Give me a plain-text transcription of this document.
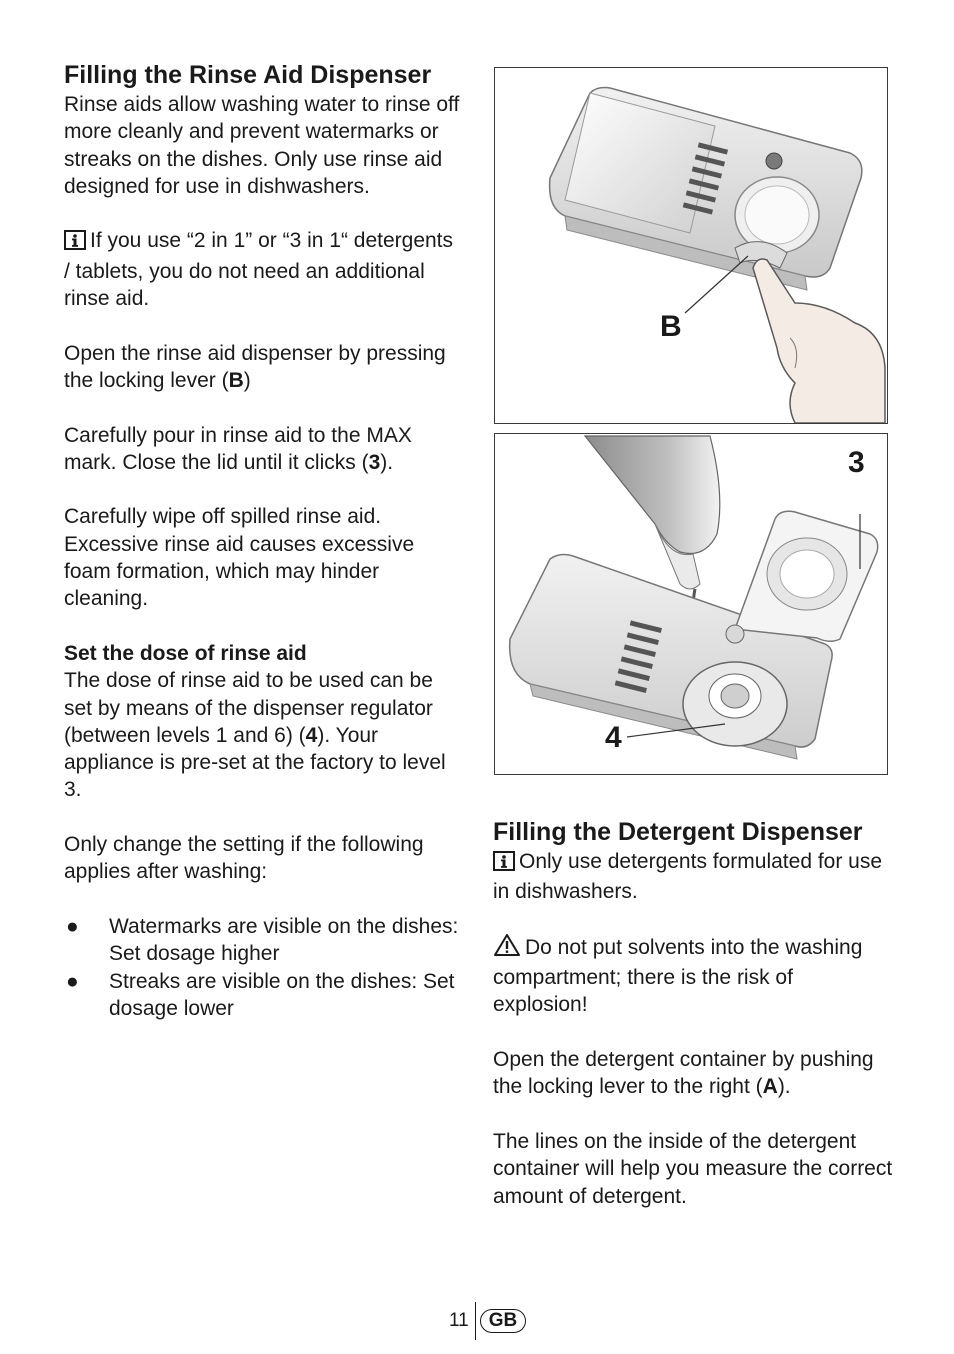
Filling the Rinse Aid Dispenser

Rinse aids allow washing water to rinse off more cleanly and prevent watermarks or streaks on the dishes. Only use rinse aid designed for use in dishwashers.

If you use “2 in 1” or “3 in 1“ detergents / tablets, you do not need an additional rinse aid.

Open the rinse aid dispenser by pressing the locking lever (B)

Carefully pour in rinse aid to the MAX mark. Close the lid until it clicks (3).

Carefully wipe off spilled rinse aid. Excessive rinse aid causes excessive foam formation, which may hinder cleaning.

Set the dose of rinse aid

The dose of rinse aid to be used can be set by means of the dispenser regulator (between levels 1 and 6) (4). Your appliance is pre-set at the factory to level 3.

Only change the setting if the following applies after washing:

● Watermarks are visible on the dishes: Set dosage higher
● Streaks are visible on the dishes: Set dosage lower
B
3
4
Filling the Detergent Dispenser

Only use detergents formulated for use in dishwashers.

Do not put solvents into the washing compartment; there is the risk of explosion!

Open the detergent container by pushing the locking lever to the right (A).

The lines on the inside of the detergent container will help you measure the correct amount of detergent.

11	GB
